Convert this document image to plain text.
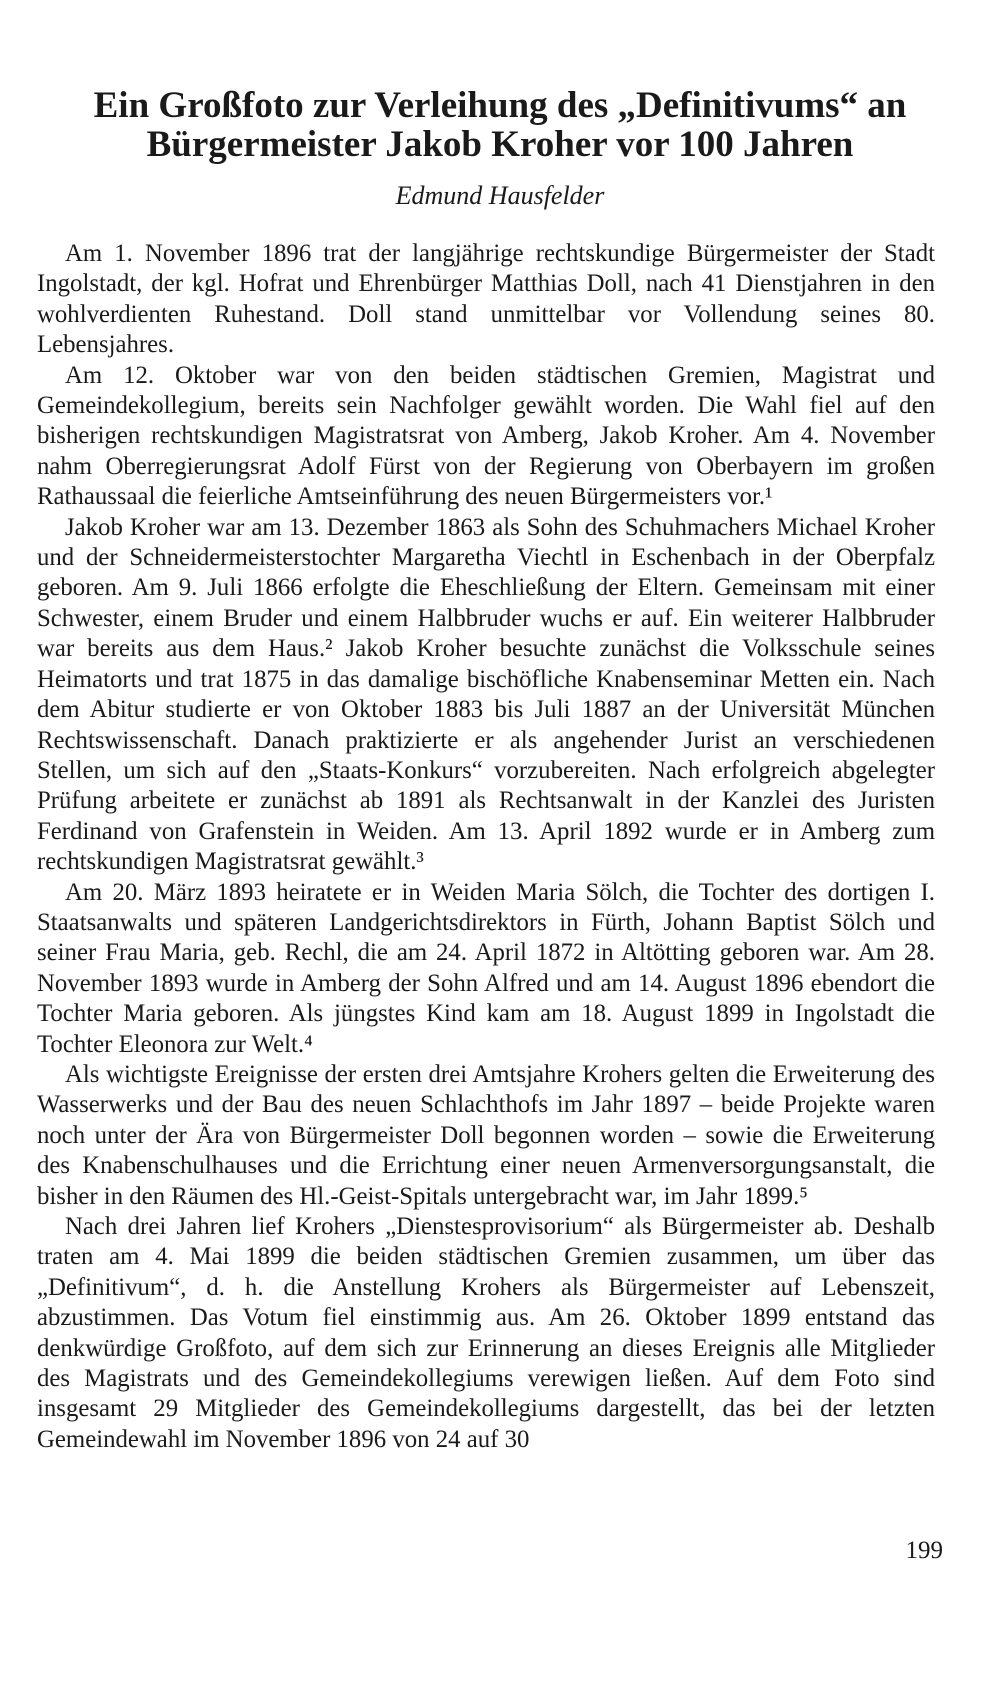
Ein Großfoto zur Verleihung des „Definitivums“ an
Bürgermeister Jakob Kroher vor 100 Jahren
Edmund Hausfelder

Am 1. November 1896 trat der langjährige rechtskundige Bürgermeister der Stadt Ingolstadt, der kgl. Hofrat und Ehrenbürger Matthias Doll, nach 41 Dienstjahren in den wohlverdienten Ruhestand. Doll stand unmittelbar vor Vollendung seines 80. Lebensjahres.

Am 12. Oktober war von den beiden städtischen Gremien, Magistrat und Gemeindekollegium, bereits sein Nachfolger gewählt worden. Die Wahl fiel auf den bisherigen rechtskundigen Magistratsrat von Amberg, Jakob Kroher. Am 4. November nahm Oberregierungsrat Adolf Fürst von der Regierung von Oberbayern im großen Rathaussaal die feierliche Amtseinführung des neuen Bürgermeisters vor.¹

Jakob Kroher war am 13. Dezember 1863 als Sohn des Schuhmachers Michael Kroher und der Schneidermeisterstochter Margaretha Viechtl in Eschenbach in der Oberpfalz geboren. Am 9. Juli 1866 erfolgte die Eheschließung der Eltern. Gemeinsam mit einer Schwester, einem Bruder und einem Halbbruder wuchs er auf. Ein weiterer Halbbruder war bereits aus dem Haus.² Jakob Kroher besuchte zunächst die Volksschule seines Heimatorts und trat 1875 in das damalige bischöfliche Knabenseminar Metten ein. Nach dem Abitur studierte er von Oktober 1883 bis Juli 1887 an der Universität München Rechtswissenschaft. Danach praktizierte er als angehender Jurist an verschiedenen Stellen, um sich auf den „Staats-Konkurs“ vorzubereiten. Nach erfolgreich abgelegter Prüfung arbeitete er zunächst ab 1891 als Rechtsanwalt in der Kanzlei des Juristen Ferdinand von Grafenstein in Weiden. Am 13. April 1892 wurde er in Amberg zum rechtskundigen Magistratsrat gewählt.³

Am 20. März 1893 heiratete er in Weiden Maria Sölch, die Tochter des dortigen I. Staatsanwalts und späteren Landgerichtsdirektors in Fürth, Johann Baptist Sölch und seiner Frau Maria, geb. Rechl, die am 24. April 1872 in Altötting geboren war. Am 28. November 1893 wurde in Amberg der Sohn Alfred und am 14. August 1896 ebendort die Tochter Maria geboren. Als jüngstes Kind kam am 18. August 1899 in Ingolstadt die Tochter Eleonora zur Welt.⁴

Als wichtigste Ereignisse der ersten drei Amtsjahre Krohers gelten die Erweiterung des Wasserwerks und der Bau des neuen Schlachthofs im Jahr 1897 – beide Projekte waren noch unter der Ära von Bürgermeister Doll begonnen worden – sowie die Erweiterung des Knabenschulhauses und die Errichtung einer neuen Armenversorgungsanstalt, die bisher in den Räumen des Hl.-Geist-Spitals untergebracht war, im Jahr 1899.⁵

Nach drei Jahren lief Krohers „Dienstesprovisorium“ als Bürgermeister ab. Deshalb traten am 4. Mai 1899 die beiden städtischen Gremien zusammen, um über das „Definitivum“, d. h. die Anstellung Krohers als Bürgermeister auf Lebenszeit, abzustimmen. Das Votum fiel einstimmig aus. Am 26. Oktober 1899 entstand das denkwürdige Großfoto, auf dem sich zur Erinnerung an dieses Ereignis alle Mitglieder des Magistrats und des Gemeindekollegiums verewigen ließen. Auf dem Foto sind insgesamt 29 Mitglieder des Gemeindekollegiums dargestellt, das bei der letzten Gemeindewahl im November 1896 von 24 auf 30

199
